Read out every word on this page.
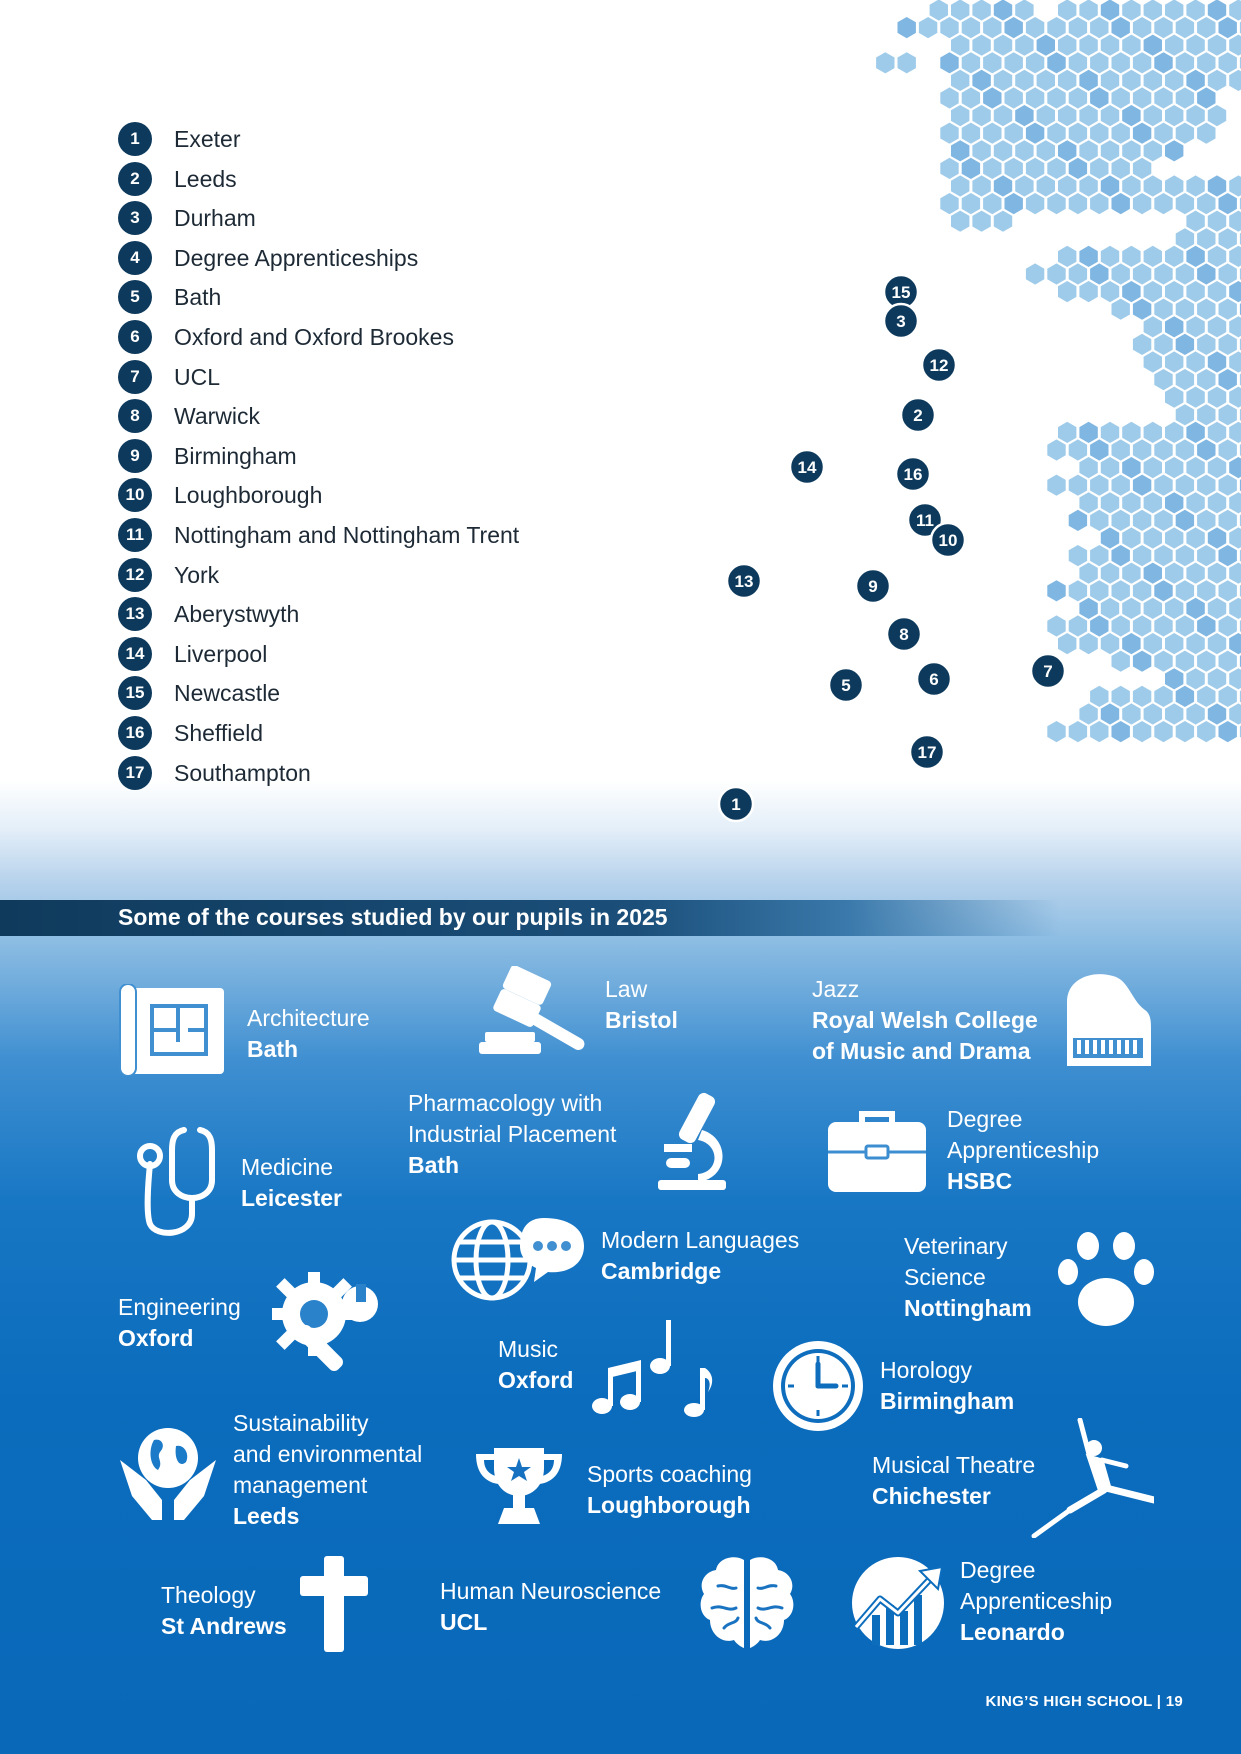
15
3
12
2
14	16
11
10
13	9
8
7
5	6
17
1
1	Exeter
2	Leeds
3	Durham
4	Degree Apprenticeships
5	Bath
6	Oxford and Oxford Brookes
7	UCL
8	Warwick
9	Birmingham
10	Loughborough
11	Nottingham and Nottingham Trent
12	York
13	Aberystwyth
14	Liverpool
15	Newcastle
16	Sheffield
17	Southampton
Some of the courses studied by our pupils in 2025
Architecture
Bath
Law
Bristol
Jazz
Royal Welsh College
of Music and Drama
Pharmacology with
Industrial Placement
Bath
Degree
Apprenticeship
HSBC
Medicine
Leicester
Modern Languages
Cambridge
Veterinary
Science
Nottingham
Engineering
Oxford	Music
Oxford	Horology
Birmingham
Sustainability
and environmental
management
Leeds
Sports coaching
Loughborough
Musical Theatre
Chichester
Theology
St Andrews
Human Neuroscience
UCL
Degree
Apprenticeship
Leonardo
KING’S HIGH SCHOOL | 19
